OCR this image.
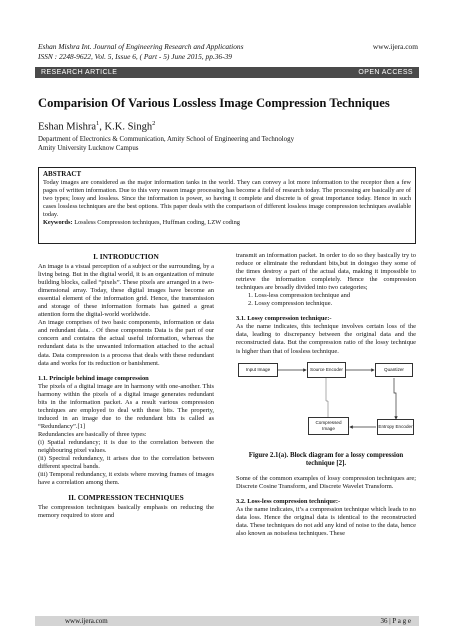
Eshan Mishra Int. Journal of Engineering Research and Applications
ISSN : 2248-9622, Vol. 5, Issue 6, ( Part - 5) June 2015, pp.36-39
www.ijera.com
RESEARCH ARTICLE	OPEN ACCESS
Comparision Of Various Lossless Image Compression Techniques
Eshan Mishra$^1$, K.K. Singh$^2$
Department of Electronics & Communication, Amity School of Engineering and Technology
Amity University Lucknow Campus
ABSTRACT
Today images are considered as the major information tanks in the world. They can convey a lot more information to the receptor then a few pages of written information. Due to this very reason image processing has become a field of research today. The processing are basically are of two types; lossy and lossless. Since the information is power, so having it complete and discrete is of great importance today. Hence in such cases lossless techniques are the best options. This paper deals with the comparison of different lossless image compression techniques available today.
Keywords: Lossless Compression techniques, Huffman coding, LZW coding
I. INTRODUCTION

An image is a visual perception of a subject or the surrounding, by a living being. But in the digital world, it is an organization of minute building blocks, called “pixels”. These pixels are arranged in a two-dimensional array. Today, these digital images have become an essential element of the information grid. Hence, the transmission and storage of these information formats has gained a great attention form the digital-world worldwide.

An image comprises of two basic components, information or data and redundant data. . Of these components Data is the part of our concern and contains the actual useful information, whereas the redundant data is the unwanted information attached to the actual data. Data compression is a process that deals with these redundant data and works for its reduction or banishment.

1.1. Principle behind image compression

The pixels of a digital image are in harmony with one-another. This harmony within the pixels of a digital image generates redundant bits in the information packet. As a result various compression techniques are employed to deal with these bits. The property, induced in an image due to the redundant bits is called as “Redundancy”.[1]

Redundancies are basically of three types:

(i) Spatial redundancy; it is due to the correlation between the neighbouring pixel values.

(ii) Spectral redundancy, it arises due to the correlation between different spectral bands.

(iii) Temporal redundancy, it exists where moving frames of images have a correlation among them.

II. COMPRESSION TECHNIQUES

The compression techniques basically emphasis on reducing the memory required to store and

transmit an information packet. In order to do so they basically try to reduce or eliminate the redundant bits,but in doingso they some of the times destroy a part of the actual data, making it impossible to retrieve the information completely. Hence the compression techniques are broadly divided into two categories;

1. Loss-less compression technique and

2. Lossy compression technique.

3.1. Lossy compression technique:-

As the name indicates, this technique involves certain loss of the data, leading to discrepancy between the original data and the reconstructed data. But the compression ratio of the lossy technique is higher than that of lossless technique.

Input Image	Source Encoder	Quantizer
Compressed Image	Entropy Encoder
Figure 2.1(a). Block diagram for a lossy compression technique [2].

Some of the common examples of lossy compression techniques are; Discrete Cosine Transform, and Discrete Wavelet Transform.

3.2. Loss-less compression technique:-

As the name indicates, it’s a compression technique which leads to no data loss. Hence the original data is identical to the reconstructed data. These techniques do not add any kind of noise to the data, hence also known as noiseless techniques. These

www.ijera.com	36 | P a g e
